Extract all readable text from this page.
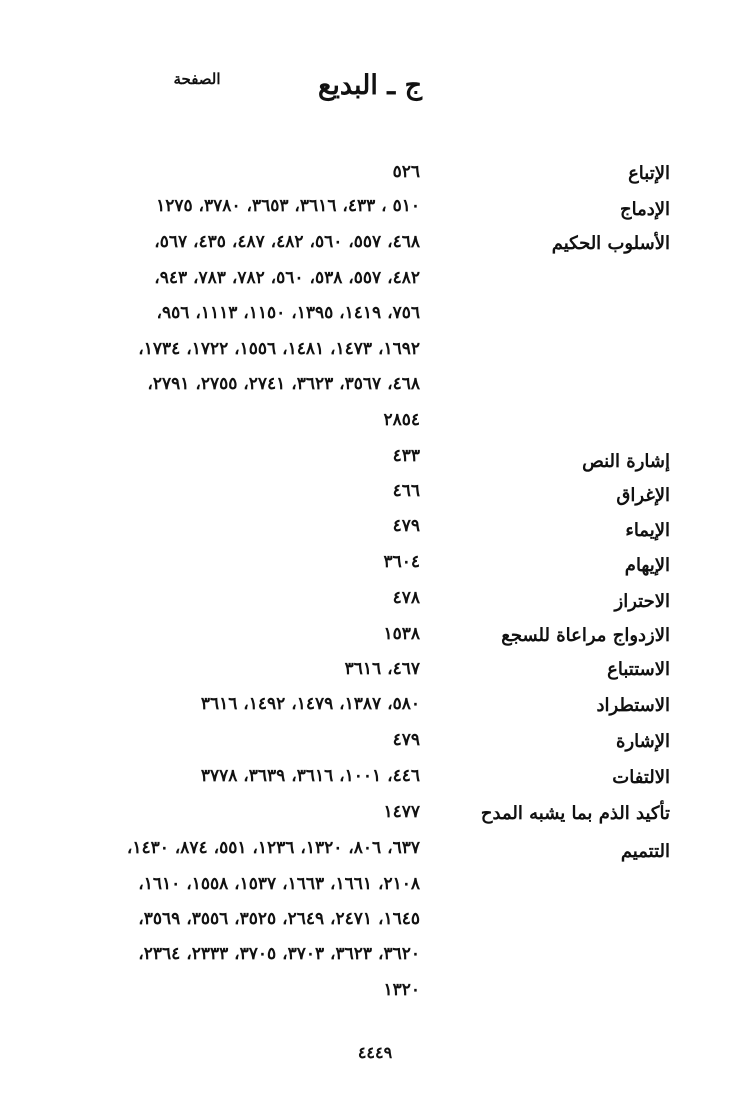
ج ـ البديع
الصفحة
الإتباع
٥٢٦
الإدماج
٥١٠ ، ٤٣٣، ٣٦١٦، ٣٦٥٣، ٣٧٨٠، ١٢٧٥
الأسلوب الحكيم
٤٦٨، ٥٥٧، ٥٦٠، ٤٨٢، ٤٨٧، ٤٣٥، ٥٦٧،
٤٨٢، ٥٥٧، ٥٣٨، ٥٦٠، ٧٨٢، ٧٨٣، ٩٤٣،
٧٥٦، ١٤١٩، ١٣٩٥، ١١٥٠، ١١١٣، ٩٥٦،
١٦٩٢، ١٤٧٣، ١٤٨١، ١٥٥٦، ١٧٢٢، ١٧٣٤،
٤٦٨، ٣٥٦٧، ٣٦٢٣، ٢٧٤١، ٢٧٥٥، ٢٧٩١،
٢٨٥٤
إشارة النص
٤٣٣
الإغراق
٤٦٦
الإيماء
٤٧٩
الإيهام
٣٦٠٤
الاحتراز
٤٧٨
الازدواج مراعاة للسجع
١٥٣٨
الاستتباع
٤٦٧، ٣٦١٦
الاستطراد
٥٨٠، ١٣٨٧، ١٤٧٩، ١٤٩٢، ٣٦١٦
الإشارة
٤٧٩
الالتفات
٤٤٦، ١٠٠١، ٣٦١٦، ٣٦٣٩، ٣٧٧٨
تأكيد الذم بما يشبه المدح
١٤٧٧
التتميم
٦٣٧، ٨٠٦، ١٣٢٠، ١٢٣٦، ٥٥١، ٨٧٤، ١٤٣٠،
٢١٠٨، ١٦٦١، ١٦٦٣، ١٥٣٧، ١٥٥٨، ١٦١٠،
١٦٤٥، ٢٤٧١، ٢٦٤٩، ٣٥٢٥، ٣٥٥٦، ٣٥٦٩،
٣٦٢٠، ٣٦٢٣، ٣٧٠٣، ٣٧٠٥، ٢٣٣٣، ٢٣٦٤،
١٣٢٠
٤٤٤٩
